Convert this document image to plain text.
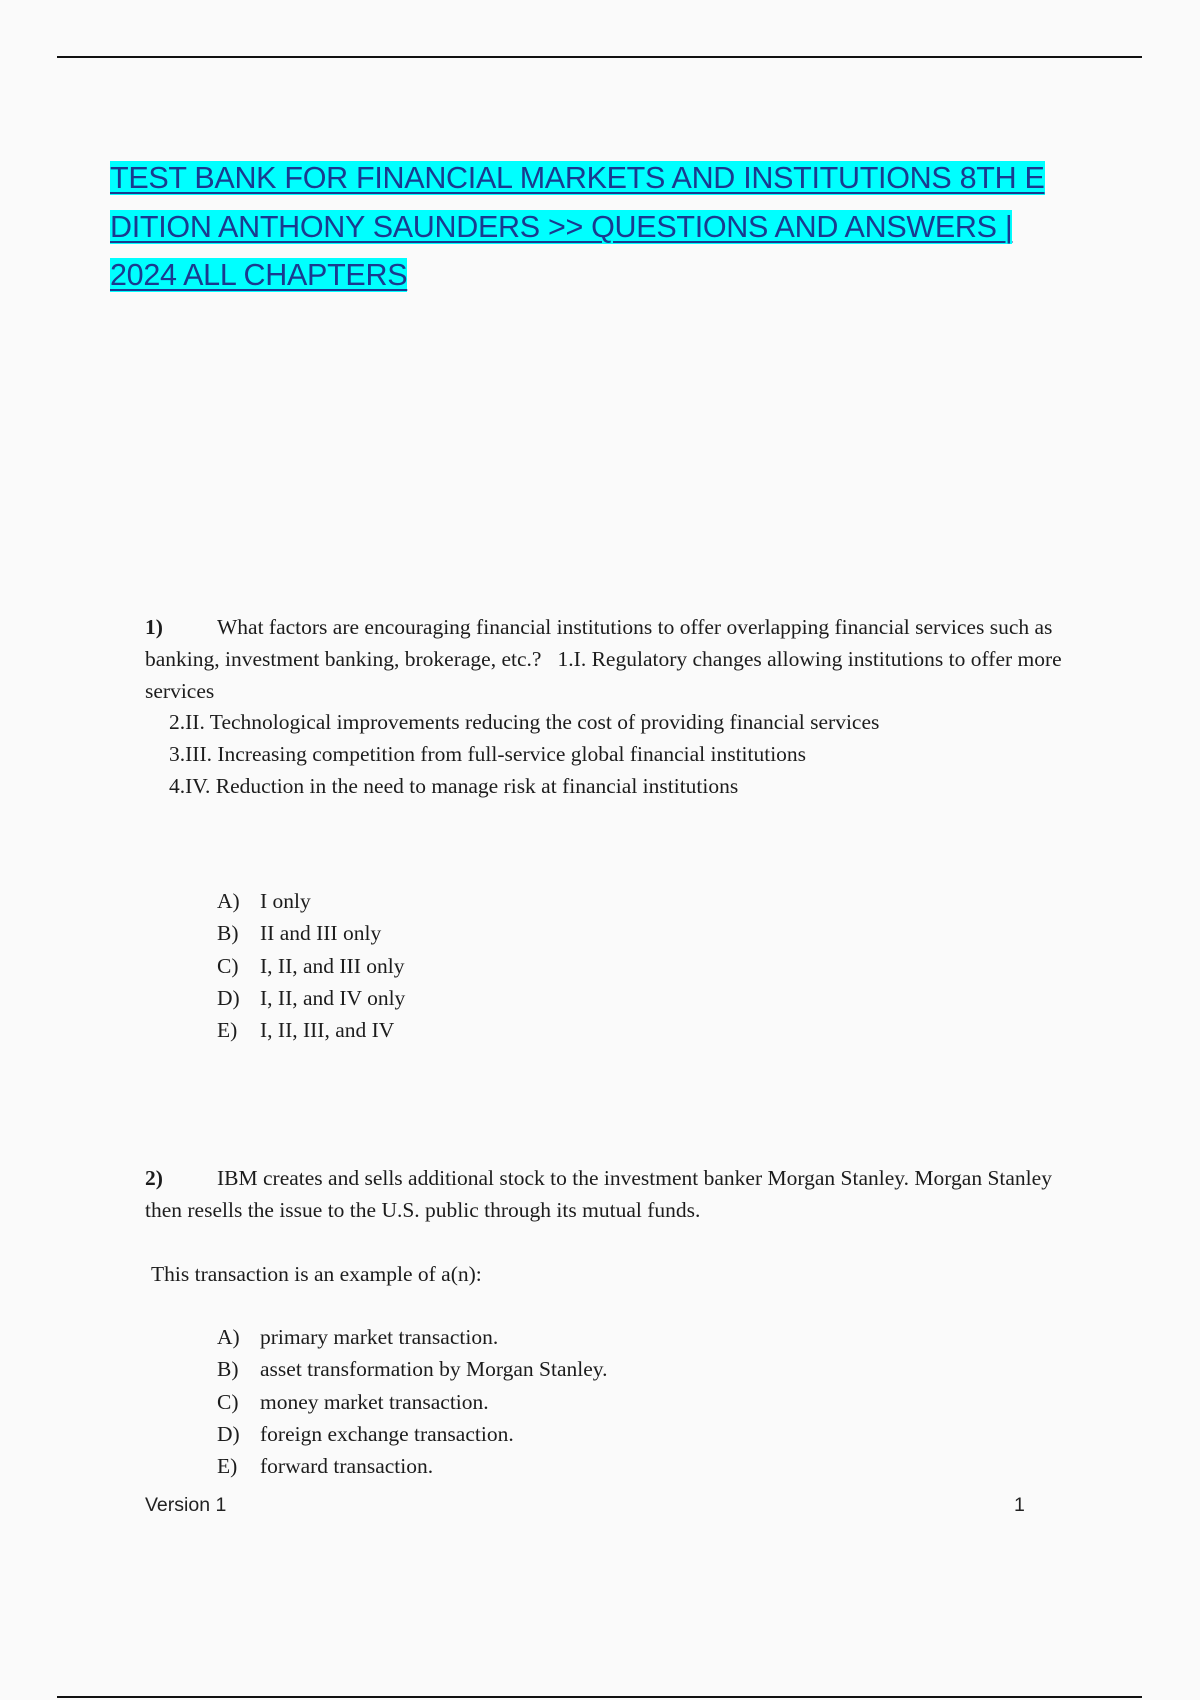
TEST BANK FOR FINANCIAL MARKETS AND INSTITUTIONS 8TH E
DITION ANTHONY SAUNDERS >> QUESTIONS AND ANSWERS |
2024 ALL CHAPTERS
1)	What factors are encouraging financial institutions to offer overlapping financial services such as banking, investment banking, brokerage, etc.?   1.I. Regulatory changes allowing institutions to offer more services
2.II. Technological improvements reducing the cost of providing financial services
3.III. Increasing competition from full-service global financial institutions
4.IV. Reduction in the need to manage risk at financial institutions
A) I only
B) II and III only
C) I, II, and III only
D) I, II, and IV only
E) I, II, III, and IV
2)	IBM creates and sells additional stock to the investment banker Morgan Stanley. Morgan Stanley then resells the issue to the U.S. public through its mutual funds.
This transaction is an example of a(n):
A) primary market transaction.
B) asset transformation by Morgan Stanley.
C) money market transaction.
D) foreign exchange transaction.
E) forward transaction.
Version 1	1
